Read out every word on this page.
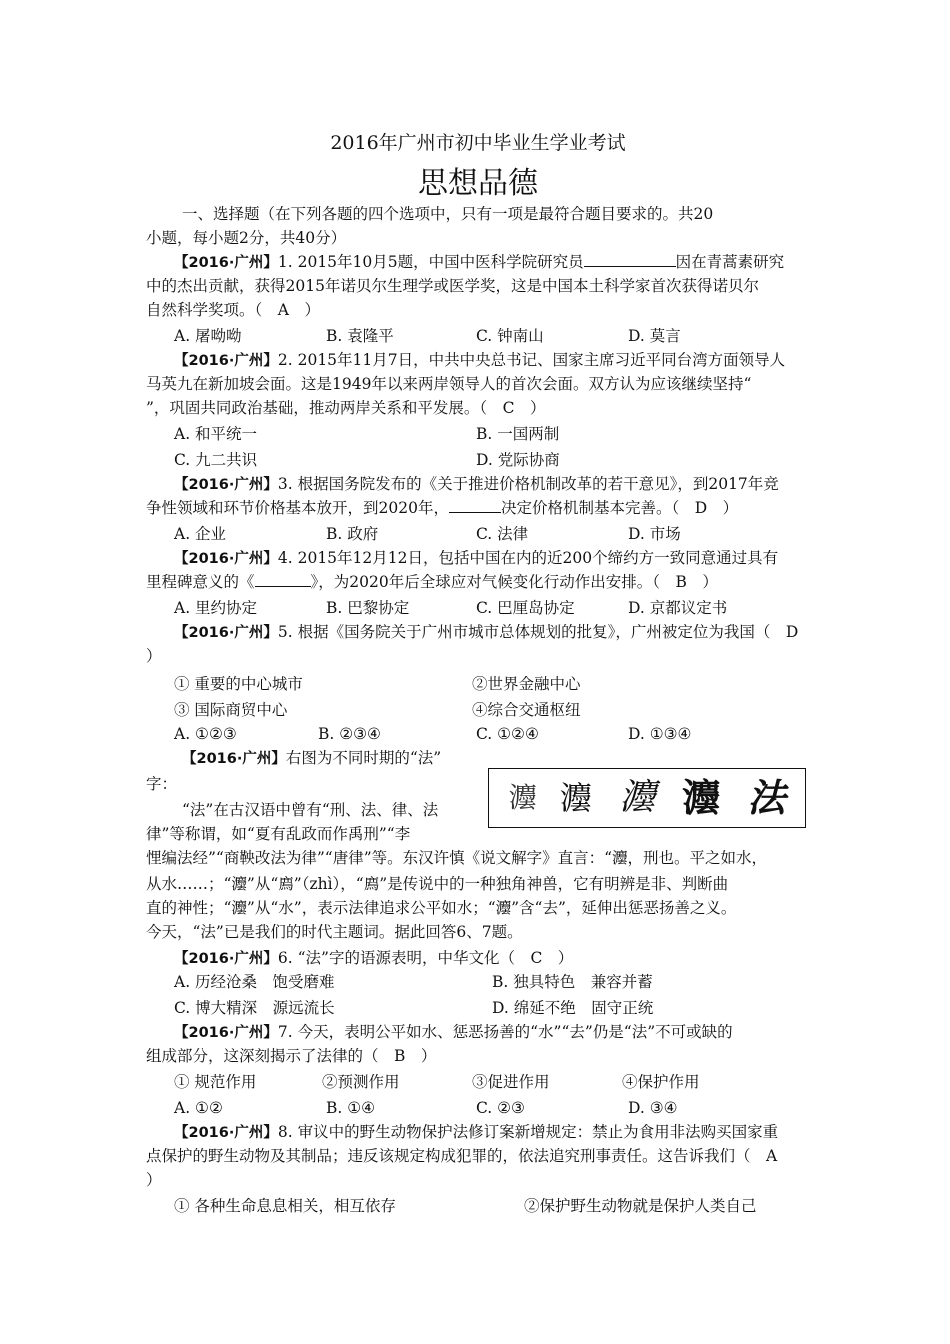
2016年广州市初中毕业生学业考试
思想品德
一、选择题（在下列各题的四个选项中，只有一项是最符合题目要求的。共20
小题，每小题2分，共40分）
【2016·广州】1. 2015年10月5题，中国中医科学院研究员	因在青蒿素研究
中的杰出贡献，获得2015年诺贝尔生理学或医学奖，这是中国本土科学家首次获得诺贝尔
自然科学奖项。（　A　）
A. 屠呦呦	B. 袁隆平	C. 钟南山	D. 莫言
【2016·广州】2. 2015年11月7日，中共中央总书记、国家主席习近平同台湾方面领导人
马英九在新加坡会面。这是1949年以来两岸领导人的首次会面。双方认为应该继续坚持“
”，巩固共同政治基础，推动两岸关系和平发展。（　C　）
A. 和平统一	B. 一国两制
C. 九二共识	D. 党际协商
【2016·广州】3. 根据国务院发布的《关于推进价格机制改革的若干意见》，到2017年竞
争性领域和环节价格基本放开，到2020年，	决定价格机制基本完善。（　D　）
A. 企业	B. 政府	C. 法律	D. 市场
【2016·广州】4. 2015年12月12日，包括中国在内的近200个缔约方一致同意通过具有
里程碑意义的《	》，为2020年后全球应对气候变化行动作出安排。（　B　）
A. 里约协定	B. 巴黎协定	C. 巴厘岛协定	D. 京都议定书
【2016·广州】5. 根据《国务院关于广州市城市总体规划的批复》，广州被定位为我国（　D
）
① 重要的中心城市	②世界金融中心
③ 国际商贸中心	④综合交通枢纽
A. ①②③	B. ②③④	C. ①②④	D. ①③④
【2016·广州】右图为不同时期的“法”
字：
“法”在古汉语中曾有“刑、法、律、法
律”等称谓，如“夏有乱政而作禹刑”“李
灋 灋 灋 灋 法
悝编法经”“商鞅改法为律”“唐律”等。东汉许慎《说文解字》直言：“灋，刑也。平之如水，
从水……；“灋”从“廌”（zhì），“廌”是传说中的一种独角神兽，它有明辨是非、判断曲
直的神性；“灋”从“水”，表示法律追求公平如水；“灋”含“去”，延伸出惩恶扬善之义。
今天，“法”已是我们的时代主题词。据此回答6、7题。
【2016·广州】6. “法”字的语源表明，中华文化（　C　）
A. 历经沧桑　饱受磨难	B. 独具特色　兼容并蓄
C. 博大精深　源远流长	D. 绵延不绝　固守正统
【2016·广州】7. 今天，表明公平如水、惩恶扬善的“水”“去”仍是“法”不可或缺的
组成部分，这深刻揭示了法律的（　B　）
① 规范作用	②预测作用	③促进作用	④保护作用
A. ①②	B. ①④	C. ②③	D. ③④
【2016·广州】8. 审议中的野生动物保护法修订案新增规定：禁止为食用非法购买国家重
点保护的野生动物及其制品；违反该规定构成犯罪的，依法追究刑事责任。这告诉我们（　A
）
① 各种生命息息相关，相互依存	②保护野生动物就是保护人类自己
